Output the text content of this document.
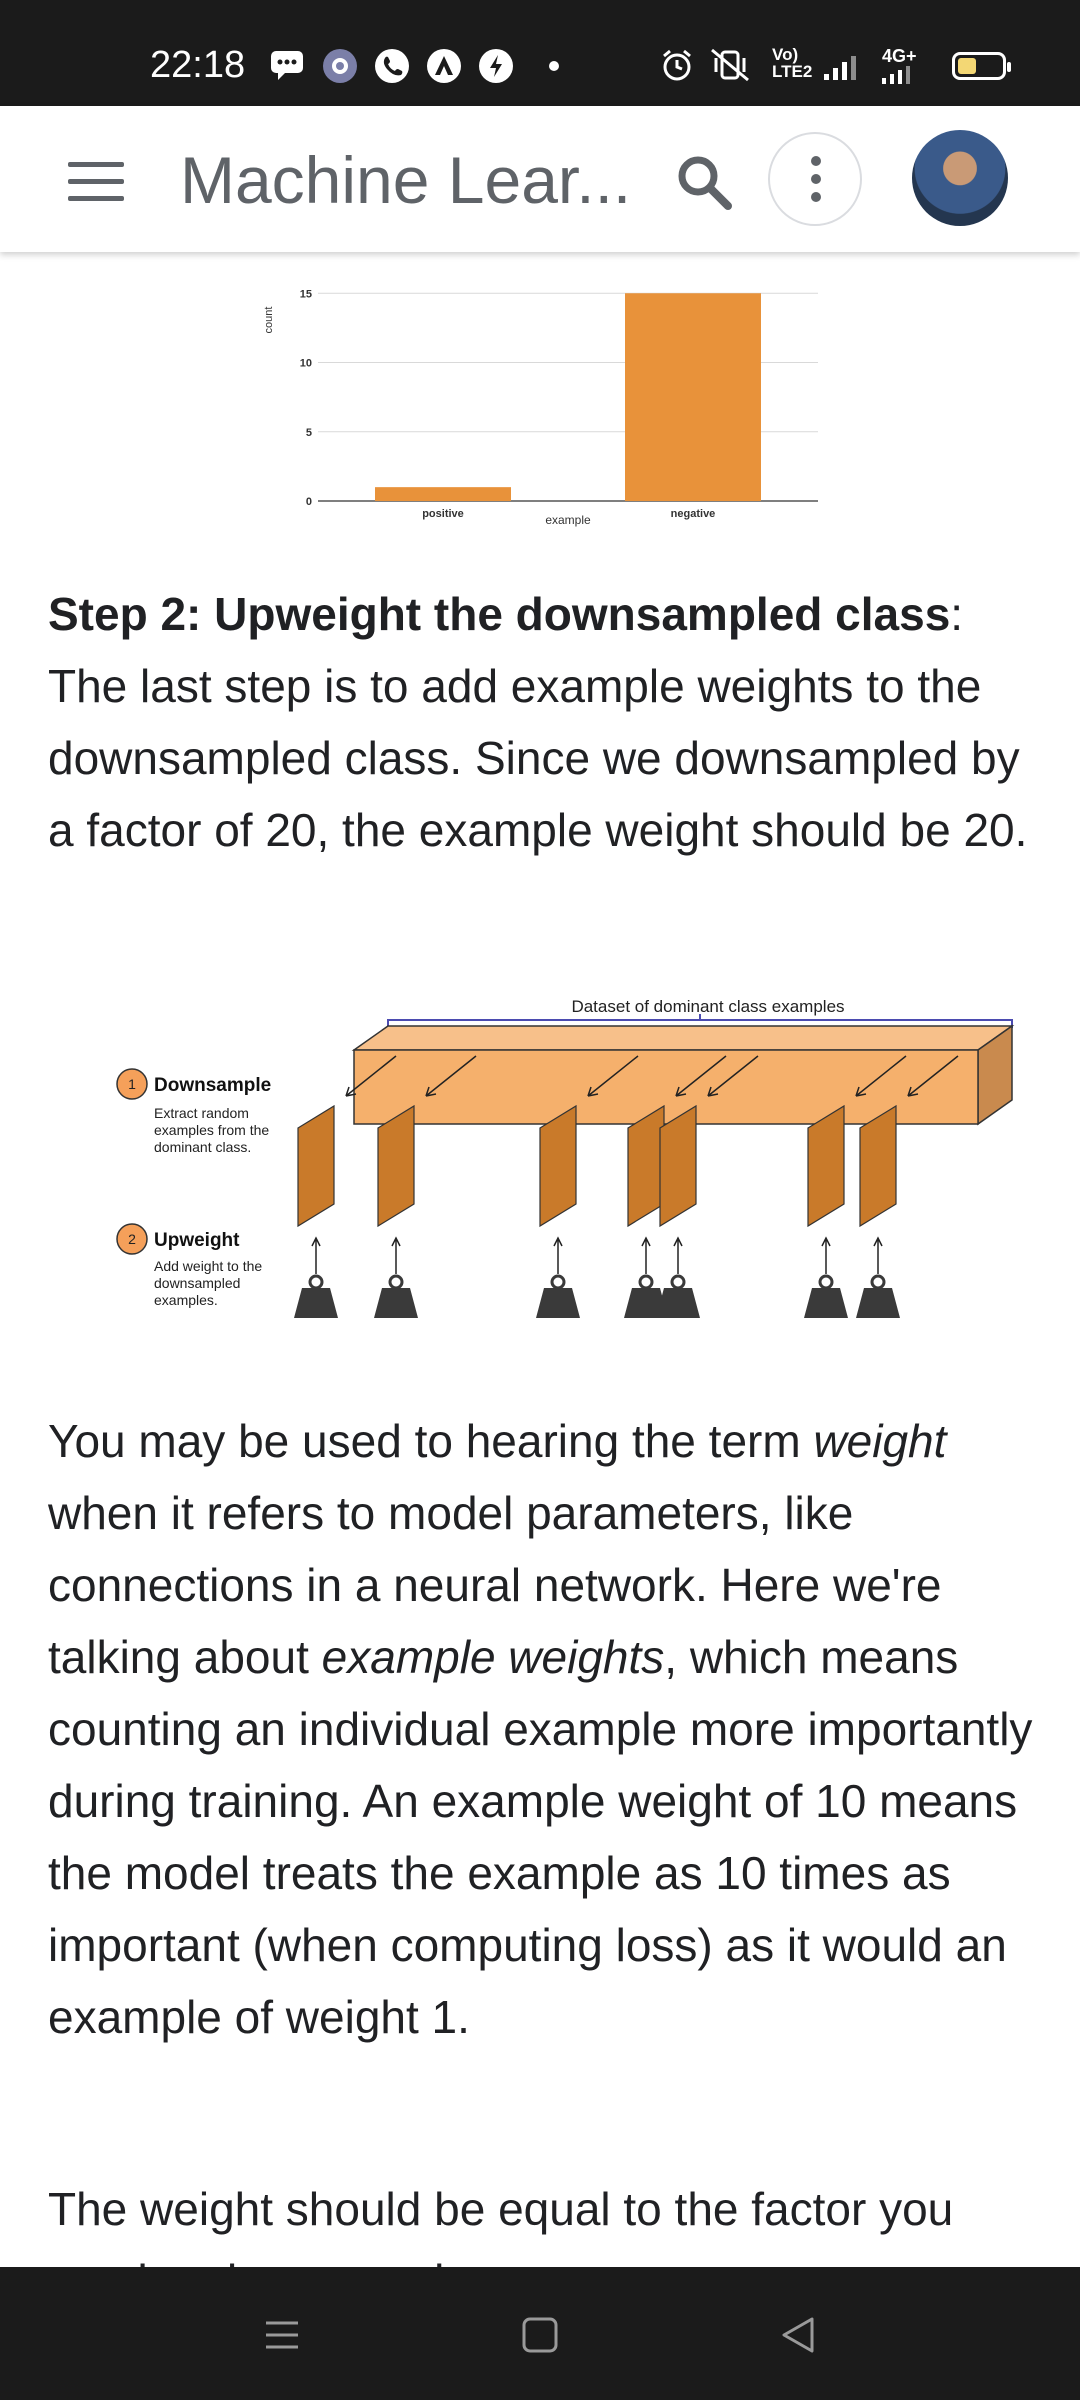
22:18	Vo)
LTE2
4G+
Machine Lear...
positive	negative
0
5
10
15
example
count
Step 2: Upweight the downsampled class:
The last step is to add example weights to the downsampled class. Since we downsampled by a factor of 20, the example weight should be 20.
Dataset of dominant class examples
1 Downsample
Extract random
examples from the
dominant class.
2 Upweight
Add weight to the
downsampled
examples.
You may be used to hearing the term weight when it refers to model parameters, like connections in a neural network. Here we're talking about example weights, which means counting an individual example more importantly during training. An example weight of 10 means the model treats the example as 10 times as important (when computing loss) as it would an example of weight 1.
The weight should be equal to the factor you
